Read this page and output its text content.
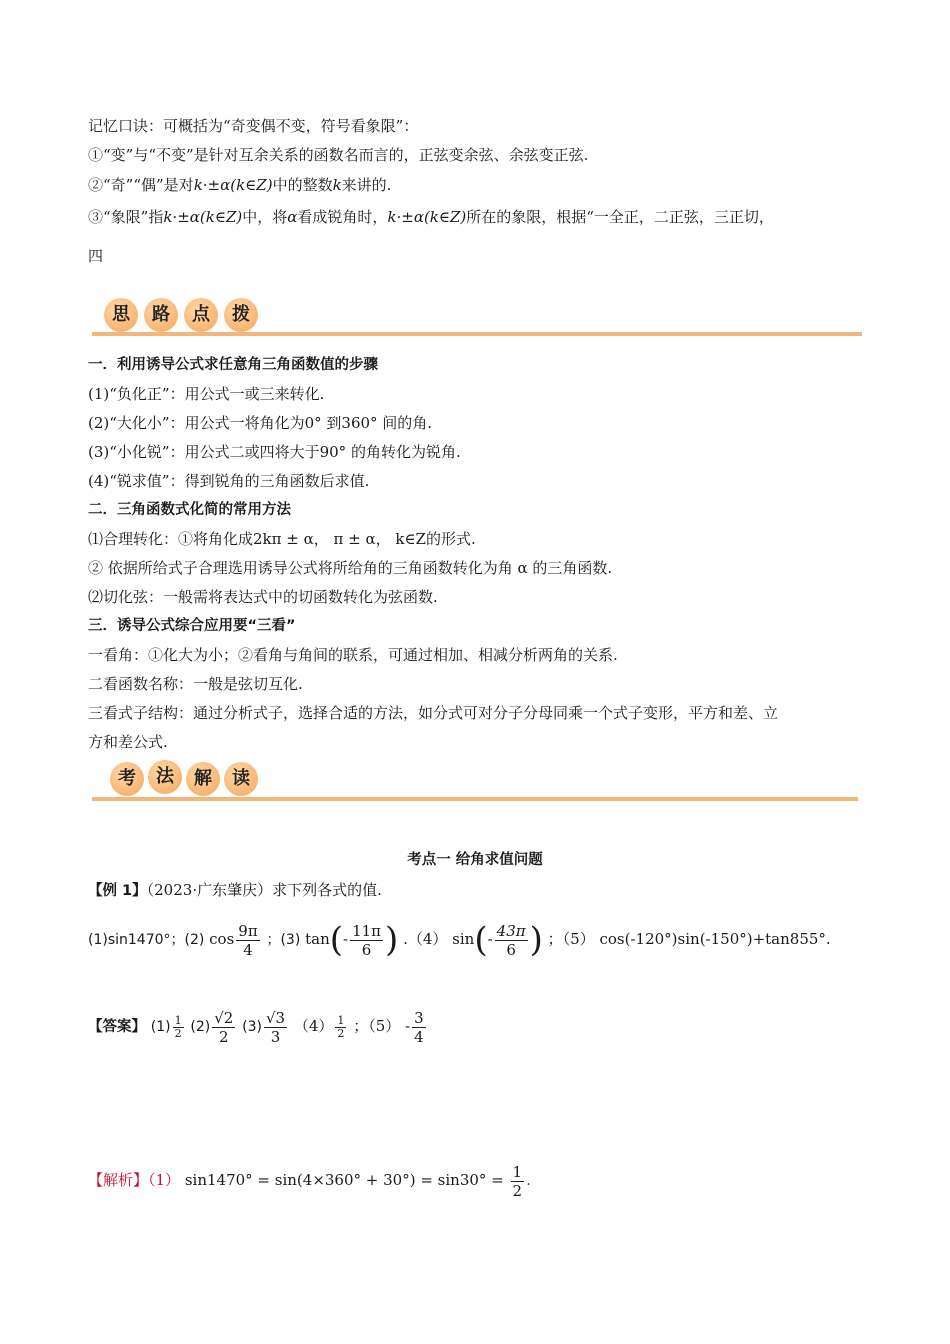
记忆口诀：可概括为“奇变偶不变，符号看象限”：
①“变”与“不变”是针对互余关系的函数名而言的，正弦变余弦、余弦变正弦.
②“奇”“偶”是对k·±α(k∈Z)中的整数k来讲的.
③“象限”指k·±α(k∈Z)中，将α看成锐角时，k·±α(k∈Z)所在的象限，根据“一全正，二正弦，三正切，
四
思	路	点	拨
一．利用诱导公式求任意角三角函数值的步骤
(1)“负化正”：用公式一或三来转化.
(2)“大化小”：用公式一将角化为0° 到360° 间的角.
(3)“小化锐”：用公式二或四将大于90° 的角转化为锐角.
(4)“锐求值”：得到锐角的三角函数后求值.
二．三角函数式化简的常用方法
⑴合理转化：①将角化成2kπ ± α， π ± α， k∈Z的形式.
② 依据所给式子合理选用诱导公式将所给角的三角函数转化为角 α 的三角函数.
⑵切化弦：一般需将表达式中的切函数转化为弦函数.
三．诱导公式综合应用要“三看”
一看角：①化大为小；②看角与角间的联系，可通过相加、相减分析两角的关系.
二看函数名称：一般是弦切互化.
三看式子结构：通过分析式子，选择合适的方法，如分式可对分子分母同乘一个式子变形，平方和差、立
方和差公式.
考	法	解	读
考点一 给角求值问题
【例 1】（2023·广东肇庆）求下列各式的值.
(1)sin1470°；(2) $\cos \frac{9\pi}{4}$ ；(3) $\tan(- \frac{11\pi}{6}$ ) .（4） $\sin(- \frac{43\pi}{6}$ ) ；（5） cos(-120°)sin(-150°)+tan855°.
【答案】 $(1) \frac{1}{2} (2) \frac{√2}{2} (3) \frac{√3}{3} (4) \frac{1}{2}$ ；$(5) - \frac{3}{4}$
【解析】（1） $\sin 1470^\circ = \sin(4\times 360^\circ + 30^\circ) = \sin 30^\circ = \frac{1}{2}$ .
